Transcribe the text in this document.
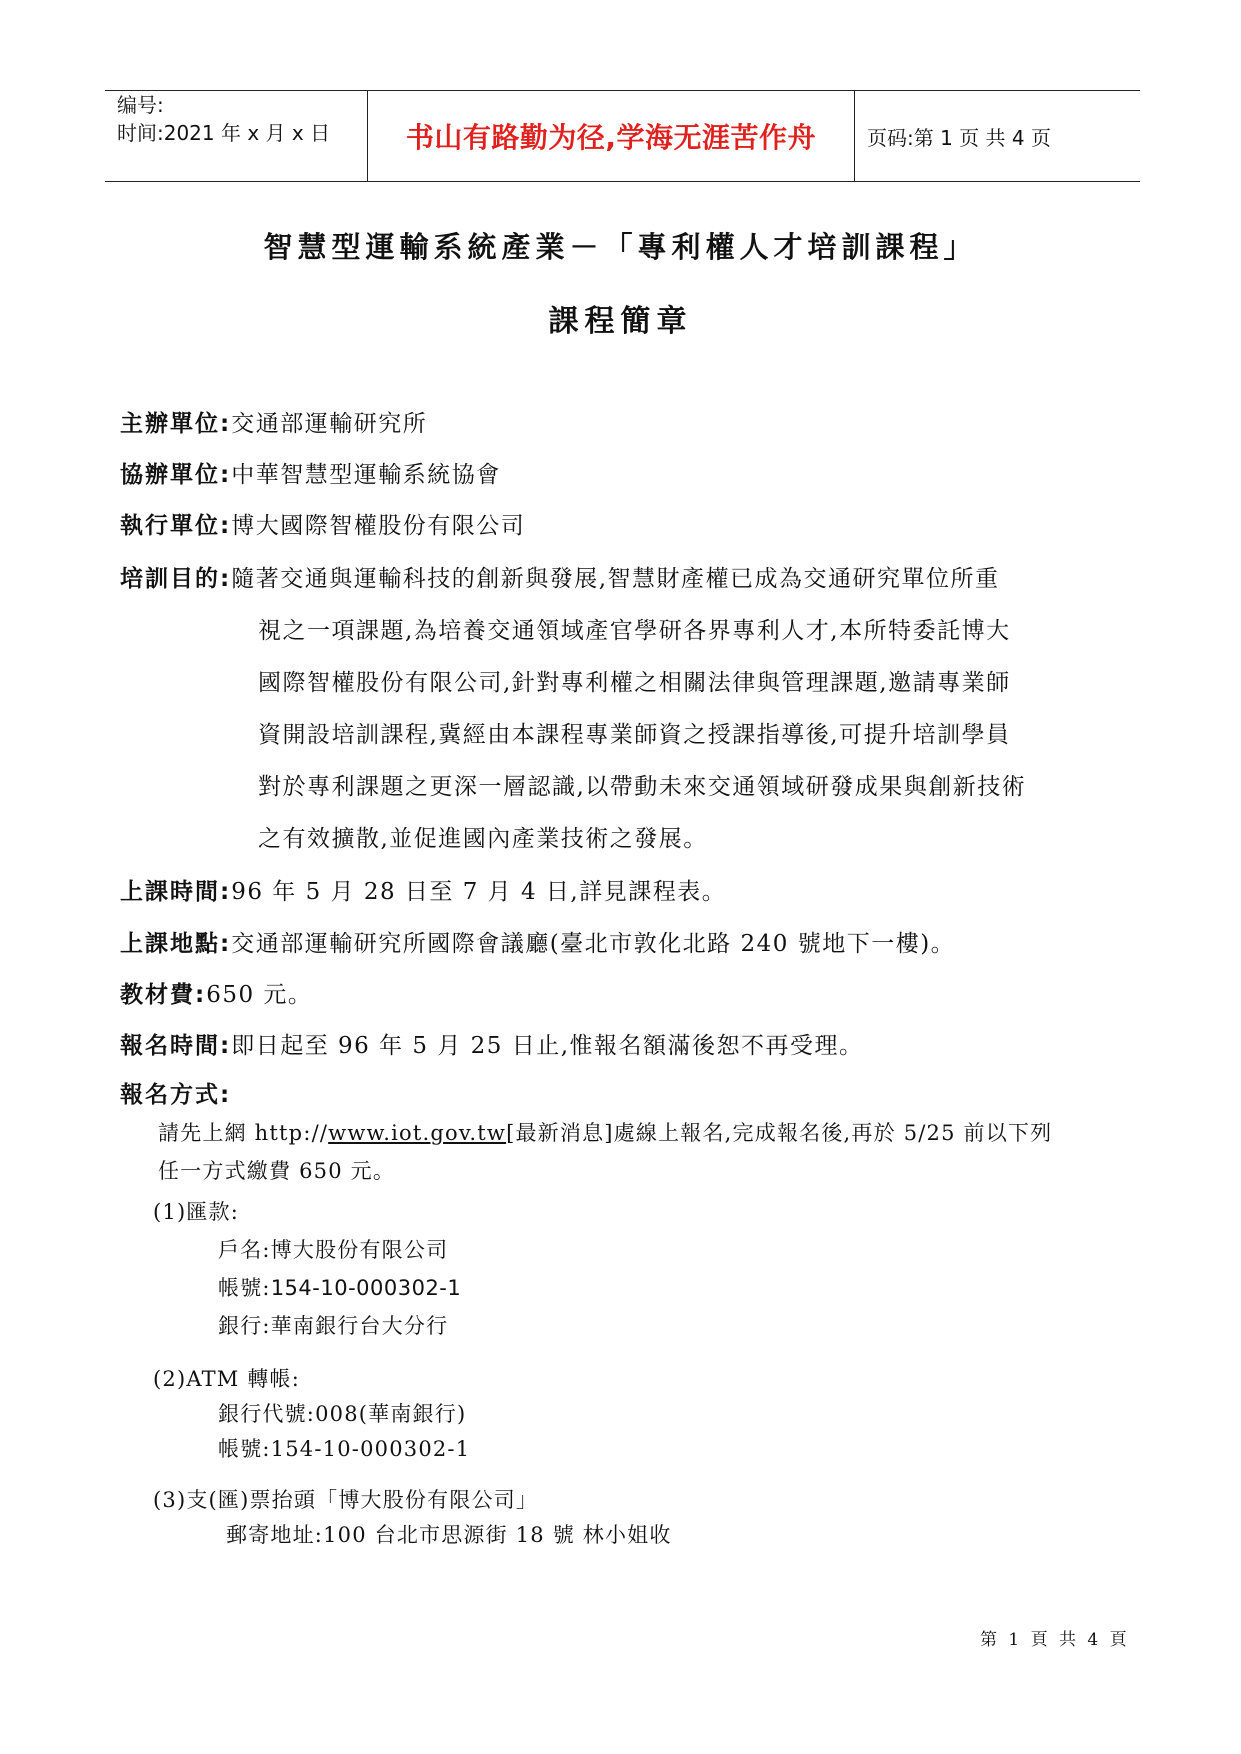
编号:
时间:2021 年 x 月 x 日	书山有路勤为径,学海无涯苦作舟	页码:第 1 页 共 4 页
智慧型運輸系統產業－「專利權人才培訓課程」
課程簡章
主辦單位:交通部運輸研究所
協辦單位:中華智慧型運輸系統協會
執行單位:博大國際智權股份有限公司
培訓目的:隨著交通與運輸科技的創新與發展,智慧財產權已成為交通研究單位所重
視之一項課題,為培養交通領域產官學研各界專利人才,本所特委託博大
國際智權股份有限公司,針對專利權之相關法律與管理課題,邀請專業師
資開設培訓課程,冀經由本課程專業師資之授課指導後,可提升培訓學員
對於專利課題之更深一層認識,以帶動未來交通領域研發成果與創新技術
之有效擴散,並促進國內產業技術之發展。
上課時間:96 年 5 月 28 日至 7 月 4 日,詳見課程表。
上課地點:交通部運輸研究所國際會議廳(臺北市敦化北路 240 號地下一樓)。
教材費:650 元。
報名時間:即日起至 96 年 5 月 25 日止,惟報名額滿後恕不再受理。
報名方式:
請先上網 http://www.iot.gov.tw[最新消息]處線上報名,完成報名後,再於 5/25 前以下列
任一方式繳費 650 元。
(1)匯款:
戶名:博大股份有限公司
帳號:154-10-000302-1
銀行:華南銀行台大分行
(2)ATM 轉帳:
銀行代號:008(華南銀行)
帳號:154-10-000302-1
(3)支(匯)票抬頭「博大股份有限公司」
郵寄地址:100 台北市思源街 18 號 林小姐收
第 1 頁 共 4 頁
